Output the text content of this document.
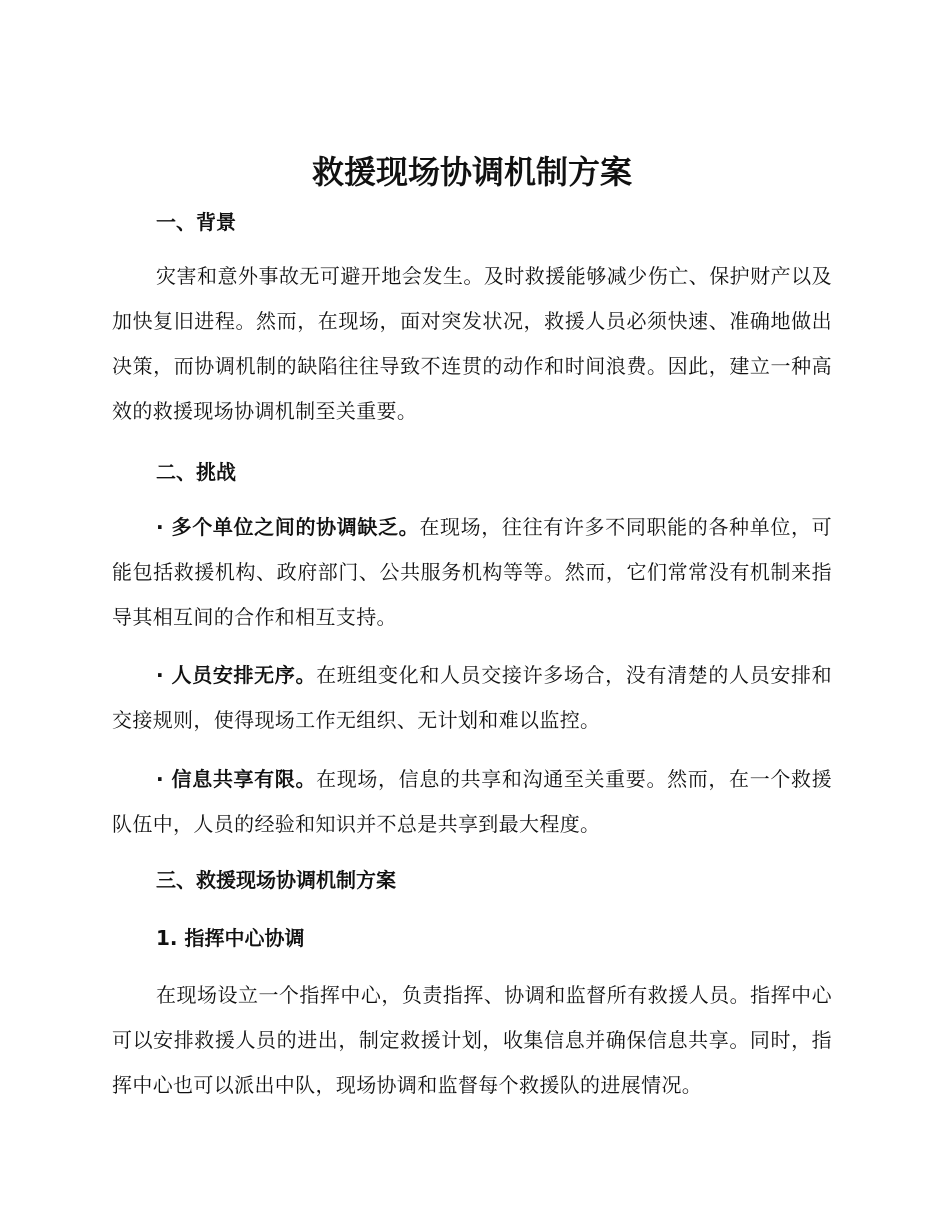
救援现场协调机制方案
一、背景

灾害和意外事故无可避开地会发生。及时救援能够减少伤亡、保护财产以及加快复旧进程。然而，在现场，面对突发状况，救援人员必须快速、准确地做出决策，而协调机制的缺陷往往导致不连贯的动作和时间浪费。因此，建立一种高效的救援现场协调机制至关重要。

二、挑战

· 多个单位之间的协调缺乏。在现场，往往有许多不同职能的各种单位，可能包括救援机构、政府部门、公共服务机构等等。然而，它们常常没有机制来指导其相互间的合作和相互支持。

· 人员安排无序。在班组变化和人员交接许多场合，没有清楚的人员安排和交接规则，使得现场工作无组织、无计划和难以监控。

· 信息共享有限。在现场，信息的共享和沟通至关重要。然而，在一个救援队伍中，人员的经验和知识并不总是共享到最大程度。

三、救援现场协调机制方案
1. 指挥中心协调

在现场设立一个指挥中心，负责指挥、协调和监督所有救援人员。指挥中心可以安排救援人员的进出，制定救援计划，收集信息并确保信息共享。同时，指挥中心也可以派出中队，现场协调和监督每个救援队的进展情况。
